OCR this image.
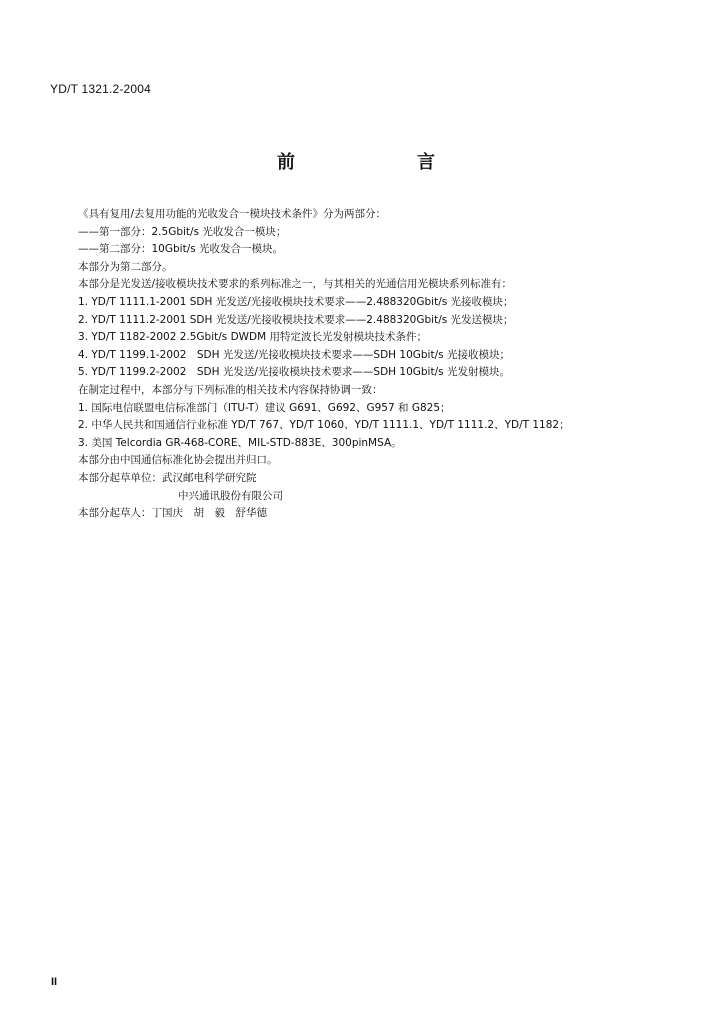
YD/T 1321.2-2004
前　言
《具有复用/去复用功能的光收发合一模块技术条件》分为两部分：
——第一部分：2.5Gbit/s 光收发合一模块；
——第二部分：10Gbit/s 光收发合一模块。
本部分为第二部分。
本部分是光发送/接收模块技术要求的系列标准之一，与其相关的光通信用光模块系列标准有：
1. YD/T 1111.1-2001 SDH 光发送/光接收模块技术要求——2.488320Gbit/s 光接收模块；
2. YD/T 1111.2-2001 SDH 光发送/光接收模块技术要求——2.488320Gbit/s 光发送模块；
3. YD/T 1182-2002 2.5Gbit/s DWDM 用特定波长光发射模块技术条件；
4. YD/T 1199.1-2002　SDH 光发送/光接收模块技术要求——SDH 10Gbit/s 光接收模块；
5. YD/T 1199.2-2002　SDH 光发送/光接收模块技术要求——SDH 10Gbit/s 光发射模块。
在制定过程中，本部分与下列标准的相关技术内容保持协调一致：
1. 国际电信联盟电信标准部门（ITU-T）建议 G691、G692、G957 和 G825；
2. 中华人民共和国通信行业标准 YD/T 767、YD/T 1060、YD/T 1111.1、YD/T 1111.2、YD/T 1182；
3. 美国 Telcordia GR-468-CORE、MIL-STD-883E、300pinMSA。
本部分由中国通信标准化协会提出并归口。
本部分起草单位：武汉邮电科学研究院
中兴通讯股份有限公司
本部分起草人：丁国庆　胡　毅　舒华德
II
